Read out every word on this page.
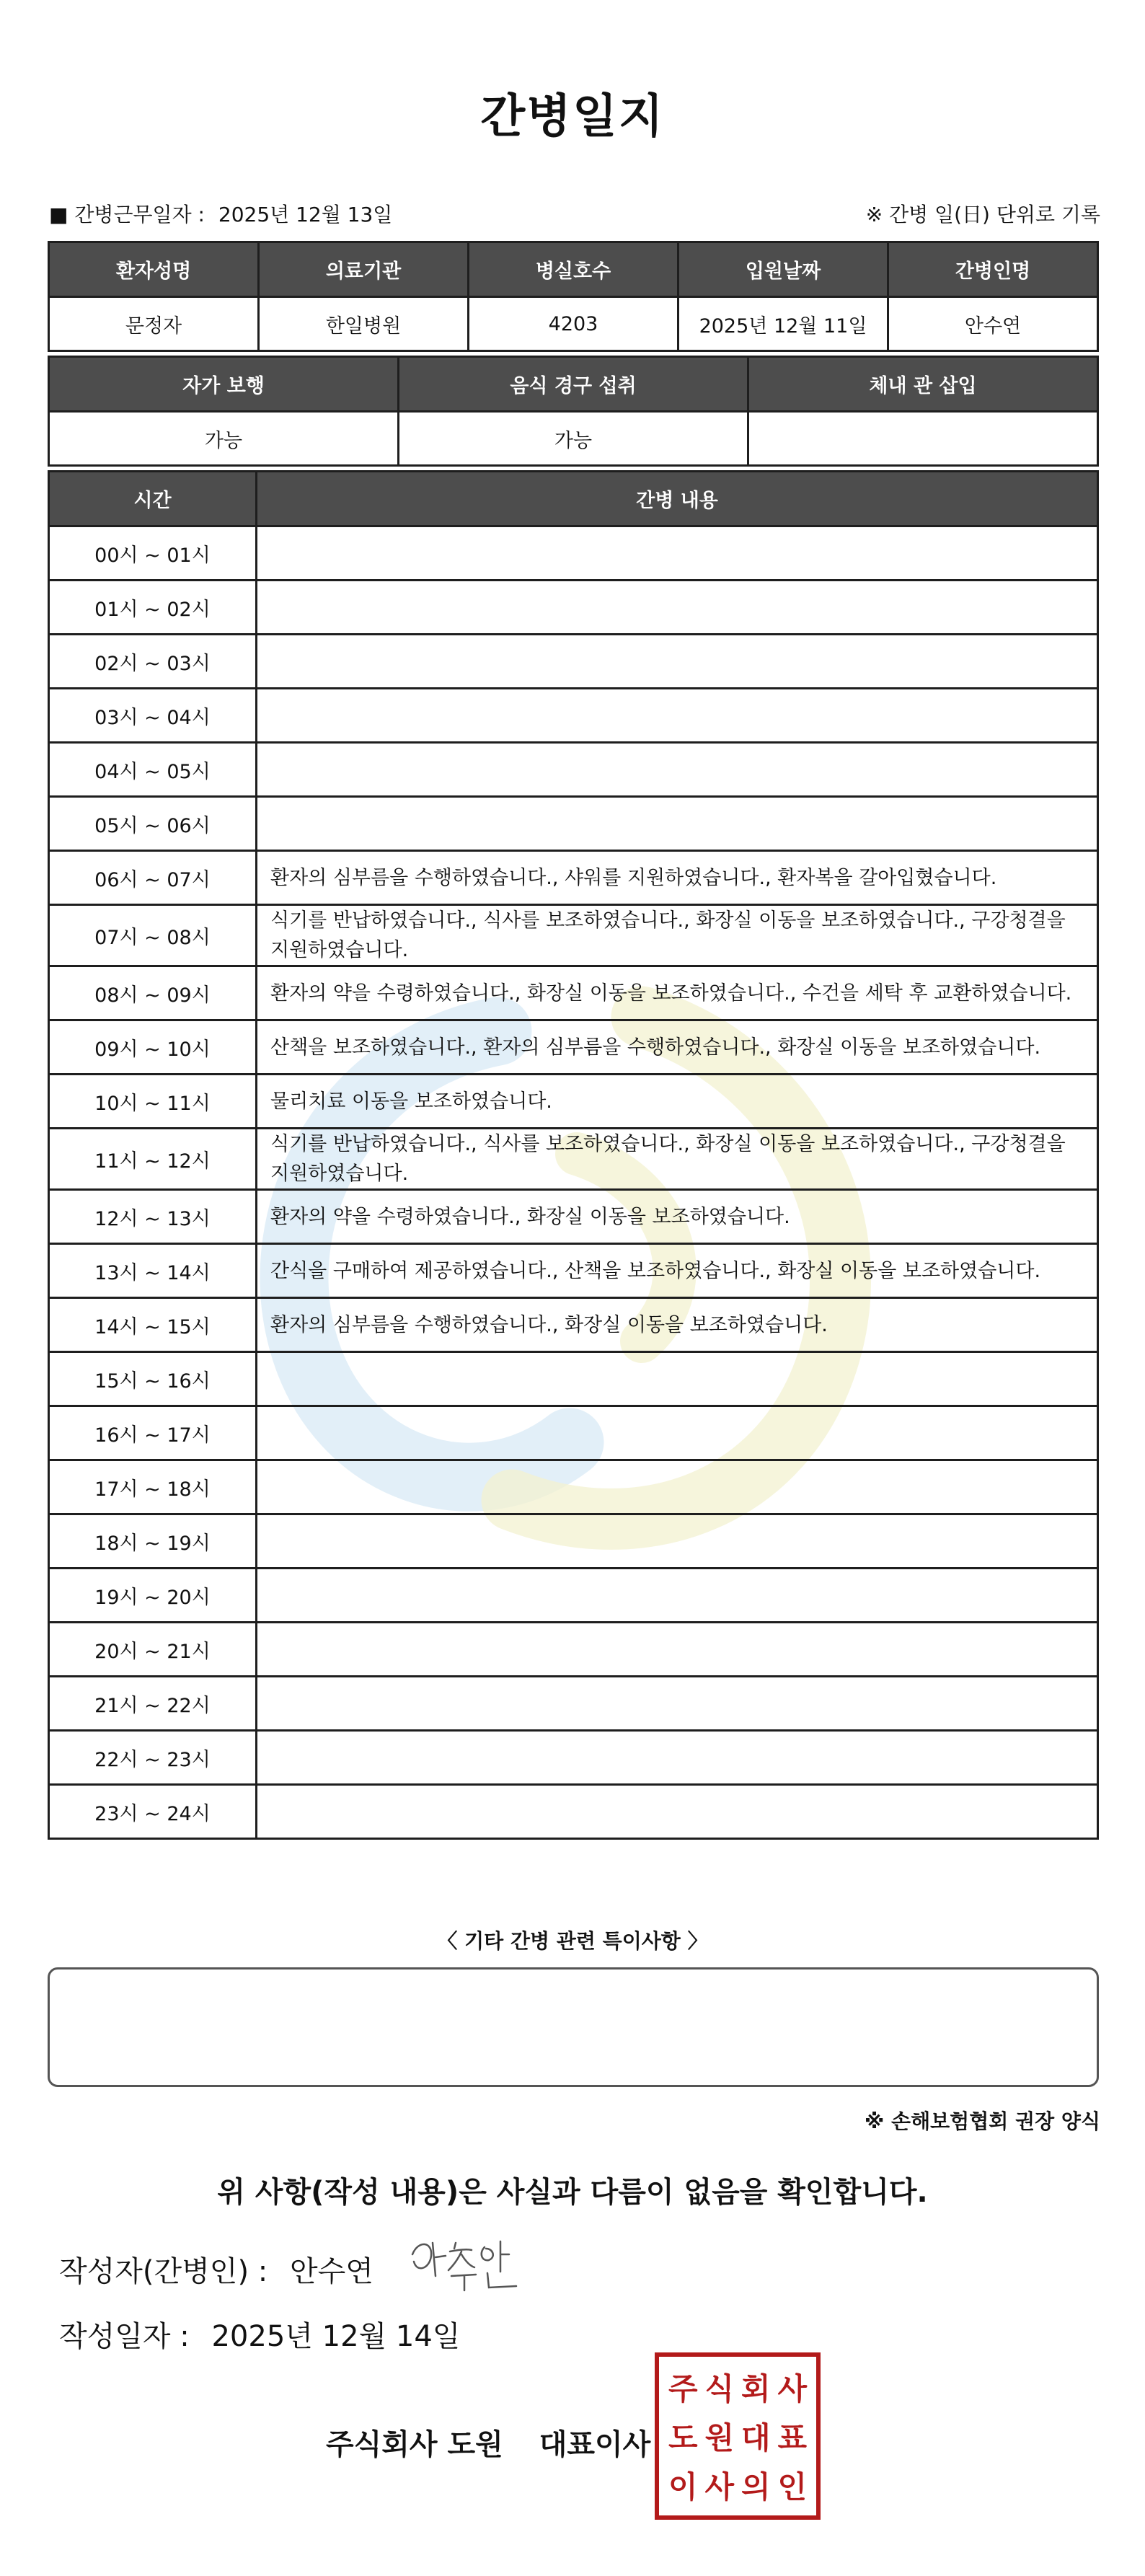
간병일지
■ 간병근무일자 : 2025년 12월 13일	※ 간병 일(日) 단위로 기록
환자성명	의료기관	병실호수	입원날짜	간병인명
문정자	한일병원	4203	2025년 12월 11일	안수연
자가 보행	음식 경구 섭취	체내 관 삽입
가능	가능	
시간	간병 내용
00시 ~ 01시	
01시 ~ 02시	
02시 ~ 03시	
03시 ~ 04시	
04시 ~ 05시	
05시 ~ 06시	
06시 ~ 07시	환자의 심부름을 수행하였습니다., 샤워를 지원하였습니다., 환자복을 갈아입혔습니다.
07시 ~ 08시	식기를 반납하였습니다., 식사를 보조하였습니다., 화장실 이동을 보조하였습니다., 구강청결을 지원하였습니다.
08시 ~ 09시	환자의 약을 수령하였습니다., 화장실 이동을 보조하였습니다., 수건을 세탁 후 교환하였습니다.
09시 ~ 10시	산책을 보조하였습니다., 환자의 심부름을 수행하였습니다., 화장실 이동을 보조하였습니다.
10시 ~ 11시	물리치료 이동을 보조하였습니다.
11시 ~ 12시	식기를 반납하였습니다., 식사를 보조하였습니다., 화장실 이동을 보조하였습니다., 구강청결을 지원하였습니다.
12시 ~ 13시	환자의 약을 수령하였습니다., 화장실 이동을 보조하였습니다.
13시 ~ 14시	간식을 구매하여 제공하였습니다., 산책을 보조하였습니다., 화장실 이동을 보조하였습니다.
14시 ~ 15시	환자의 심부름을 수행하였습니다., 화장실 이동을 보조하였습니다.
15시 ~ 16시	
16시 ~ 17시	
17시 ~ 18시	
18시 ~ 19시	
19시 ~ 20시	
20시 ~ 21시	
21시 ~ 22시	
22시 ~ 23시	
23시 ~ 24시	
〈 기타 간병 관련 특이사항 〉
※ 손해보험협회 권장 양식
위 사항(작성 내용)은 사실과 다름이 없음을 확인합니다.
작성자(간병인) : 안수연
작성일자 : 2025년 12월 14일
주식회사 도원 대표이사
주 식 회 사
도 원 대 표
이 사 의 인
